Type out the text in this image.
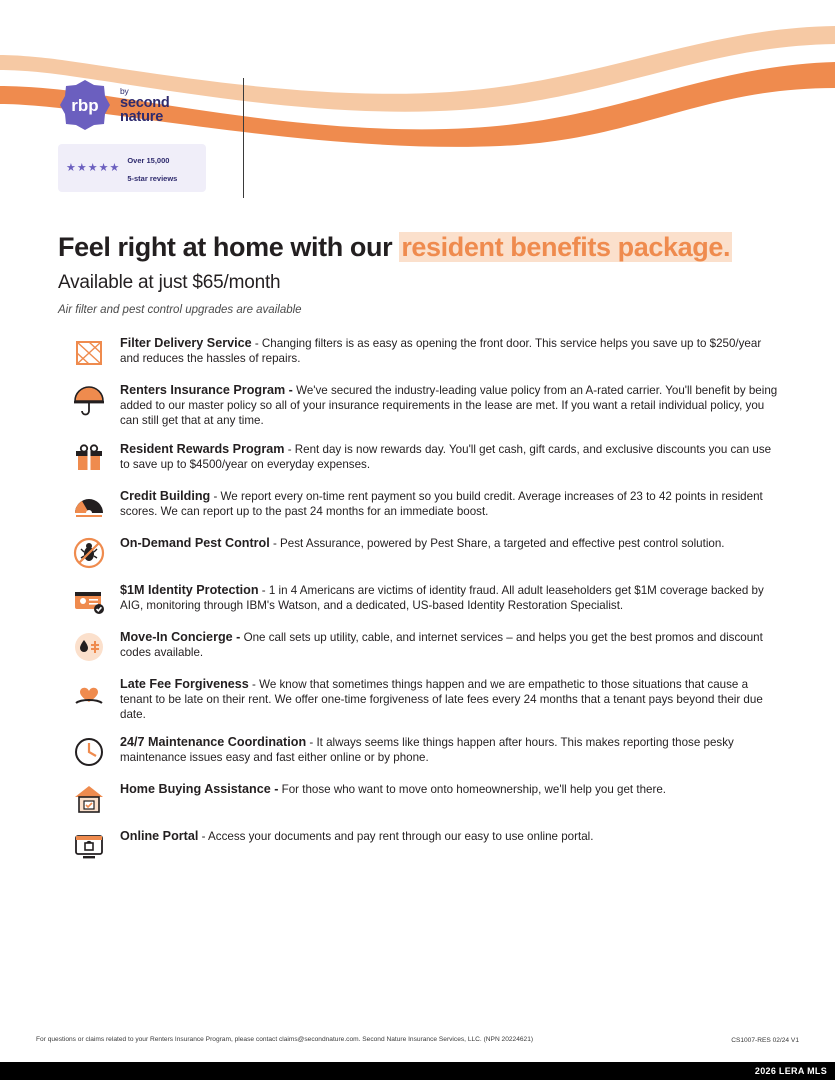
rbp
by
second
nature
★★★★★
Over 15,000
5-star reviews
Feel right at home with our resident benefits package.
Available at just $65/month
Air filter and pest control upgrades are available
Filter Delivery Service - Changing filters is as easy as opening the front door. This service helps you save up to $250/year and reduces the hassles of repairs.
Renters Insurance Program - We've secured the industry-leading value policy from an A-rated carrier. You'll benefit by being added to our master policy so all of your insurance requirements in the lease are met. If you want a retail individual policy, you can still get that at any time.
Resident Rewards Program - Rent day is now rewards day. You'll get cash, gift cards, and exclusive discounts you can use to save up to $4500/year on everyday expenses.
Credit Building - We report every on-time rent payment so you build credit. Average increases of 23 to 42 points in resident scores. We can report up to the past 24 months for an immediate boost.
On-Demand Pest Control - Pest Assurance, powered by Pest Share, a targeted and effective pest control solution.
$1M Identity Protection - 1 in 4 Americans are victims of identity fraud. All adult leaseholders get $1M coverage backed by AIG, monitoring through IBM's Watson, and a dedicated, US-based Identity Restoration Specialist.
Move-In Concierge - One call sets up utility, cable, and internet services – and helps you get the best promos and discount codes available.
Late Fee Forgiveness - We know that sometimes things happen and we are empathetic to those situations that cause a tenant to be late on their rent. We offer one-time forgiveness of late fees every 24 months that a tenant pays beyond their due date.
24/7 Maintenance Coordination - It always seems like things happen after hours. This makes reporting those pesky maintenance issues easy and fast either online or by phone.
Home Buying Assistance - For those who want to move onto homeownership, we'll help you get there.
Online Portal - Access your documents and pay rent through our easy to use online portal.
For questions or claims related to your Renters Insurance Program, please contact claims@secondnature.com. Second Nature Insurance Services, LLC. (NPN 20224621)	CS1007-RES 02/24 V1
2026 LERA MLS
